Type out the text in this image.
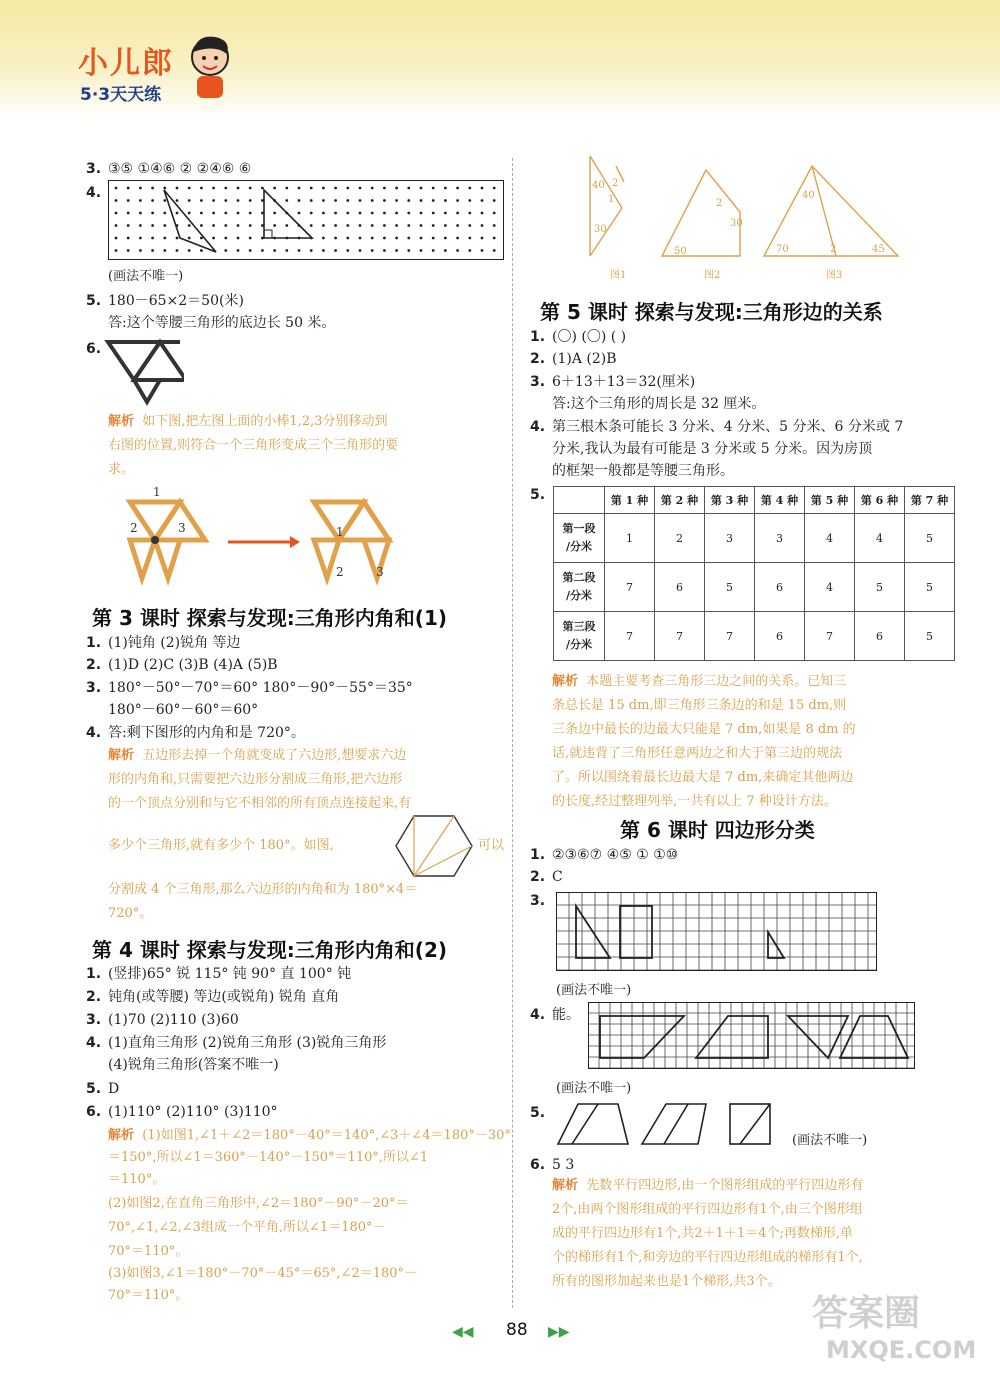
小儿郎
5·3天天练
3. ③⑤ ①④⑥ ② ②④⑥ ⑥
4.
(画法不唯一)
5. 180－65×2＝50(米)
答:这个等腰三角形的底边长 50 米。
6.
解析 如下图,把左图上面的小棒1,2,3分别移动到
右图的位置,则符合一个三角形变成三个三角形的要
求。
1
2	3	1
2	3
第 3 课时 探索与发现:三角形内角和(1)
1. (1)钝角 (2)锐角 等边
2. (1)D (2)C (3)B (4)A (5)B
3. 180°－50°－70°＝60° 180°－90°－55°＝35°
180°－60°－60°＝60°
4. 答:剩下图形的内角和是 720°。
解析 五边形去掉一个角就变成了六边形,想要求六边
形的内角和,只需要把六边形分割成三角形,把六边形
的一个顶点分别和与它不相邻的所有顶点连接起来,有
多少个三角形,就有多少个 180°。如图,	可以
分割成 4 个三角形,那么六边形的内角和为 180°×4＝
720°。
第 4 课时 探索与发现:三角形内角和(2)
1. (竖排)65° 锐 115° 钝 90° 直 100° 钝
2. 钝角(或等腰) 等边(或锐角) 锐角 直角
3. (1)70 (2)110 (3)60
4. (1)直角三角形 (2)锐角三角形 (3)锐角三角形
(4)锐角三角形(答案不唯一)
5. D
6. (1)110° (2)110° (3)110°
解析 (1)如图1,∠1＋∠2＝180°－40°＝140°,∠3＋∠4＝180°－30°
＝150°,所以∠1＝360°－140°－150°＝110°,所以∠1
＝110°。
(2)如图2,在直角三角形中,∠2＝180°－90°－20°＝
70°,∠1,∠2,∠3组成一个平角,所以∠1＝180°－
70°＝110°。
(3)如图3,∠1＝180°－70°－45°＝65°,∠2＝180°－
70°＝110°。
40 2
30
1	2
30
50
40
70	45
2
图1	图2	图3
第 5 课时 探索与发现:三角形边的关系
1. (〇) (〇) ( )
2. (1)A (2)B
3. 6＋13＋13＝32(厘米)
答:这个三角形的周长是 32 厘米。
4. 第三根木条可能长 3 分米、4 分米、5 分米、6 分米或 7
分米,我认为最有可能是 3 分米或 5 分米。因为房顶
的框架一般都是等腰三角形。
5.
		第 1 种	第 2 种	第 3 种	第 4 种	第 5 种	第 6 种	第 7 种
第一段
/分米	1	2	3	3	4	4	5
第二段
/分米	7	6	5	6	4	5	5
第三段
/分米	7	7	7	6	7	6	5
解析 本题主要考查三角形三边之间的关系。已知三
条总长是 15 dm,即三角形三条边的和是 15 dm,则
三条边中最长的边最大只能是 7 dm,如果是 8 dm 的
话,就违背了三角形任意两边之和大于第三边的规法
了。所以围绕着最长边最大是 7 dm,来确定其他两边
的长度,经过整理列举,一共有以上 7 种设计方法。
第 6 课时 四边形分类
1. ②③⑥⑦ ④⑤ ① ①⑩
2. C
3.
(画法不唯一)
4. 能。
(画法不唯一)
5.
(画法不唯一)
6. 5 3
解析 先数平行四边形,由一个图形组成的平行四边形有
2个,由两个图形组成的平行四边形有1个,由三个图形组
成的平行四边形有1个,共2＋1＋1＝4个;再数梯形,单
个的梯形有1个,和旁边的平行四边形组成的梯形有1个,
所有的图形加起来也是1个梯形,共3个。
◀◀ 88 ▶▶	答案圈
MXQE.COM
